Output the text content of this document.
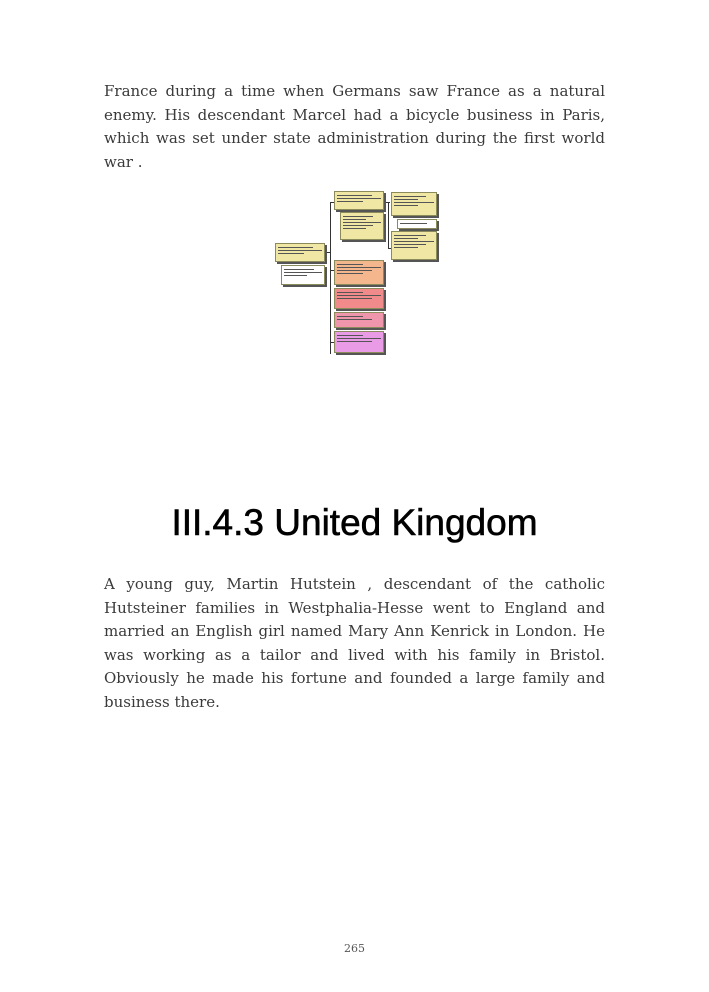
France during a time when Germans saw France as a natural enemy. His descendant Marcel had a bicycle business in Paris, which was set under state administration during the first world war .

III.4.3 United Kingdom

A young guy, Martin Hutstein , descendant of the catholic Hutsteiner families in Westphalia-Hesse went to England and married an English girl named Mary Ann Kenrick in London. He was working as a tailor and lived with his family in Bristol. Obviously he made his fortune and founded a large family and business there.

265
